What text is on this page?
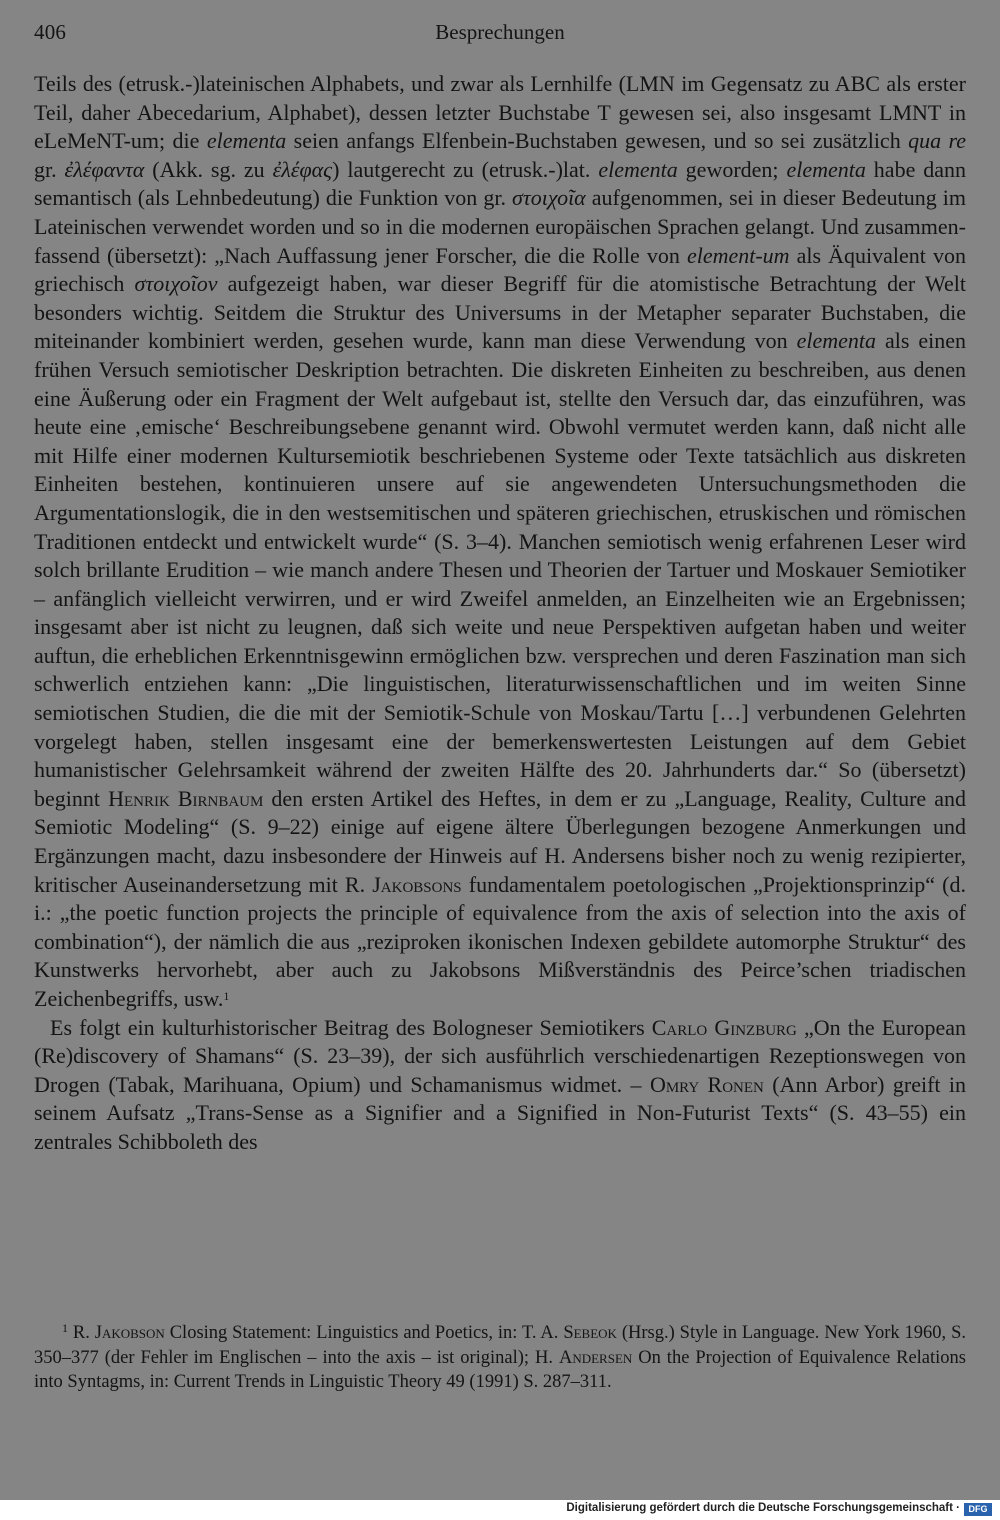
406	Besprechungen

Teils des (etrusk.-)lateinischen Alphabets, und zwar als Lernhilfe (LMN im Gegensatz zu ABC als erster Teil, daher Abecedarium, Alphabet), dessen letzter Buchstabe T gewesen sei, also insgesamt LMNT in eLeMeNT-um; die elementa seien anfangs Elfenbein-Buchstaben gewesen, und so sei zusätzlich qua re gr. ἐλέφαντα (Akk. sg. zu ἐλέφας) lautgerecht zu (etrusk.-)lat. elementa geworden; elementa habe dann semantisch (als Lehnbedeutung) die Funktion von gr. στοιχοῖα aufgenommen, sei in dieser Bedeutung im Lateinischen verwendet worden und so in die modernen europäischen Sprachen gelangt. Und zusammenfassend (übersetzt): „Nach Auffassung jener Forscher, die die Rolle von element-um als Äquivalent von griechisch στοιχοῖον aufgezeigt haben, war dieser Begriff für die atomistische Betrachtung der Welt besonders wichtig. Seitdem die Struktur des Universums in der Metapher separater Buchstaben, die miteinander kombiniert werden, gesehen wurde, kann man diese Verwendung von elementa als einen frühen Versuch semiotischer Deskription betrachten. Die diskreten Einheiten zu beschreiben, aus denen eine Äußerung oder ein Fragment der Welt aufgebaut ist, stellte den Versuch dar, das einzuführen, was heute eine ‚emische‘ Beschreibungsebene genannt wird. Obwohl vermutet werden kann, daß nicht alle mit Hilfe einer modernen Kultursemiotik beschriebenen Systeme oder Texte tatsächlich aus diskreten Einheiten bestehen, kontinuieren unsere auf sie angewendeten Untersuchungsmethoden die Argumentationslogik, die in den westsemitischen und späteren griechischen, etruskischen und römischen Traditionen entdeckt und entwickelt wurde“ (S. 3–4). Manchen semiotisch wenig erfahrenen Leser wird solch brillante Erudition – wie manch andere Thesen und Theorien der Tartuer und Moskauer Semiotiker – anfänglich vielleicht verwirren, und er wird Zweifel anmelden, an Einzelheiten wie an Ergebnissen; insgesamt aber ist nicht zu leugnen, daß sich weite und neue Perspektiven aufgetan haben und weiter auftun, die erheblichen Erkenntnisgewinn ermöglichen bzw. versprechen und deren Faszination man sich schwerlich entziehen kann: „Die linguistischen, literaturwissenschaftlichen und im weiten Sinne semiotischen Studien, die die mit der Semiotik-Schule von Moskau/Tartu […] verbundenen Gelehrten vorgelegt haben, stellen insgesamt eine der bemerkenswertesten Leistungen auf dem Gebiet humanistischer Gelehrsamkeit während der zweiten Hälfte des 20. Jahrhunderts dar.“ So (übersetzt) beginnt Henrik Birnbaum den ersten Artikel des Heftes, in dem er zu „Language, Reality, Culture and Semiotic Modeling“ (S. 9–22) einige auf eigene ältere Überlegungen bezogene Anmerkungen und Ergänzungen macht, dazu insbesondere der Hinweis auf H. Andersens bisher noch zu wenig rezipierter, kritischer Auseinandersetzung mit R. Jakobsons fundamentalem poetologischen „Projektionsprinzip“ (d. i.: „the poetic function projects the principle of equivalence from the axis of selection into the axis of combination“), der nämlich die aus „reziproken ikonischen Indexen gebildete automorphe Struktur“ des Kunstwerks hervorhebt, aber auch zu Jakobsons Mißverständnis des Peirce’schen triadischen Zeichenbegriffs, usw.$^1$

Es folgt ein kulturhistorischer Beitrag des Bologneser Semiotikers Carlo Ginzburg „On the European (Re)discovery of Shamans“ (S. 23–39), der sich ausführlich verschiedenartigen Rezeptionswegen von Drogen (Tabak, Marihuana, Opium) und Schamanismus widmet. – Omry Ronen (Ann Arbor) greift in seinem Aufsatz „Trans-Sense as a Signifier and a Signified in Non-Futurist Texts“ (S. 43–55) ein zentrales Schibboleth des

$^1$ R. Jakobson Closing Statement: Linguistics and Poetics, in: T. A. Sebeok (Hrsg.) Style in Language. New York 1960, S. 350–377 (der Fehler im Englischen – into the axis – ist original); H. Andersen On the Projection of Equivalence Relations into Syntagms, in: Current Trends in Linguistic Theory 49 (1991) S. 287–311.

Digitalisierung gefördert durch die Deutsche Forschungsgemeinschaft · DFG
